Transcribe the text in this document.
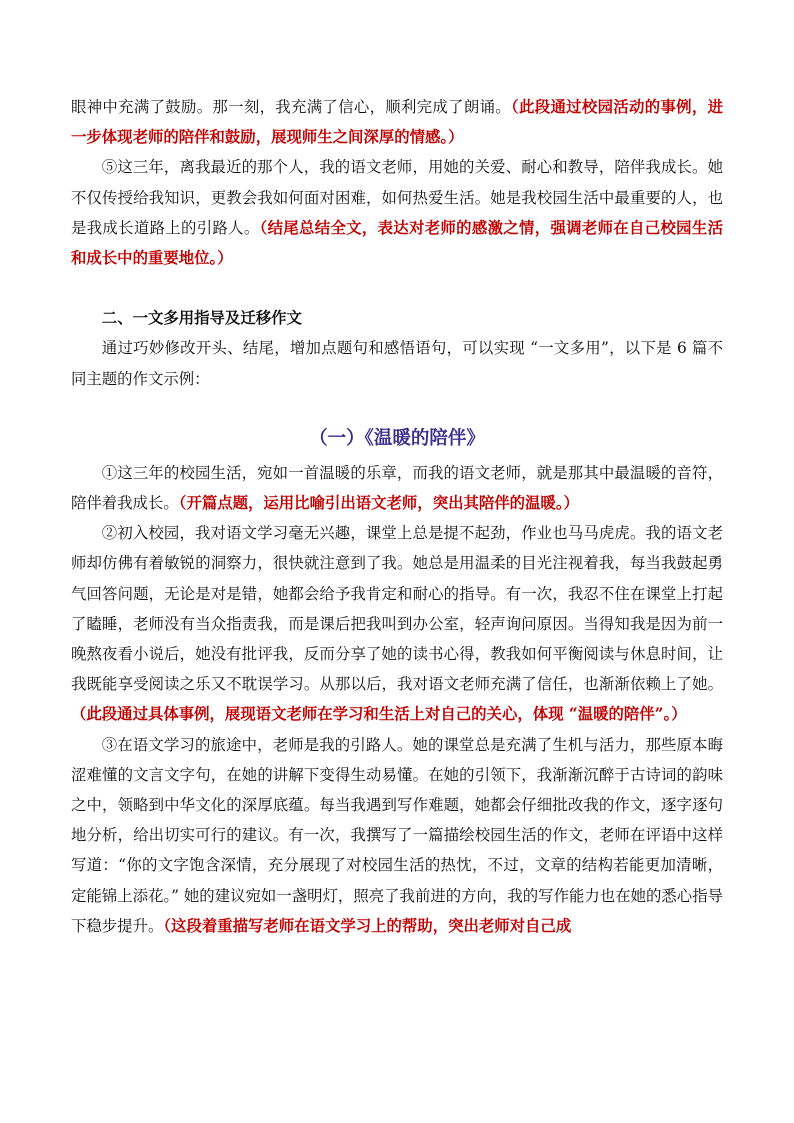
眼神中充满了鼓励。那一刻，我充满了信心，顺利完成了朗诵。（此段通过校园活动的事例，进一步体现老师的陪伴和鼓励，展现师生之间深厚的情感。）

⑤这三年，离我最近的那个人，我的语文老师，用她的关爱、耐心和教导，陪伴我成长。她不仅传授给我知识，更教会我如何面对困难，如何热爱生活。她是我校园生活中最重要的人，也是我成长道路上的引路人。（结尾总结全文，表达对老师的感激之情，强调老师在自己校园生活和成长中的重要地位。）

二、一文多用指导及迁移作文

通过巧妙修改开头、结尾，增加点题句和感悟语句，可以实现 “一文多用”，以下是 6 篇不同主题的作文示例：

（一）《温暖的陪伴》

①这三年的校园生活，宛如一首温暖的乐章，而我的语文老师，就是那其中最温暖的音符，陪伴着我成长。（开篇点题，运用比喻引出语文老师，突出其陪伴的温暖。）

②初入校园，我对语文学习毫无兴趣，课堂上总是提不起劲，作业也马马虎虎。我的语文老师却仿佛有着敏锐的洞察力，很快就注意到了我。她总是用温柔的目光注视着我，每当我鼓起勇气回答问题，无论是对是错，她都会给予我肯定和耐心的指导。有一次，我忍不住在课堂上打起了瞌睡，老师没有当众指责我，而是课后把我叫到办公室，轻声询问原因。当得知我是因为前一晚熬夜看小说后，她没有批评我，反而分享了她的读书心得，教我如何平衡阅读与休息时间，让我既能享受阅读之乐又不耽误学习。从那以后，我对语文老师充满了信任，也渐渐依赖上了她。（此段通过具体事例，展现语文老师在学习和生活上对自己的关心，体现 “温暖的陪伴”。）

③在语文学习的旅途中，老师是我的引路人。她的课堂总是充满了生机与活力，那些原本晦涩难懂的文言文字句，在她的讲解下变得生动易懂。在她的引领下，我渐渐沉醉于古诗词的韵味之中，领略到中华文化的深厚底蕴。每当我遇到写作难题，她都会仔细批改我的作文，逐字逐句地分析，给出切实可行的建议。有一次，我撰写了一篇描绘校园生活的作文，老师在评语中这样写道：“你的文字饱含深情，充分展现了对校园生活的热忱，不过，文章的结构若能更加清晰，定能锦上添花。” 她的建议宛如一盏明灯，照亮了我前进的方向，我的写作能力也在她的悉心指导下稳步提升。（这段着重描写老师在语文学习上的帮助，突出老师对自己成
